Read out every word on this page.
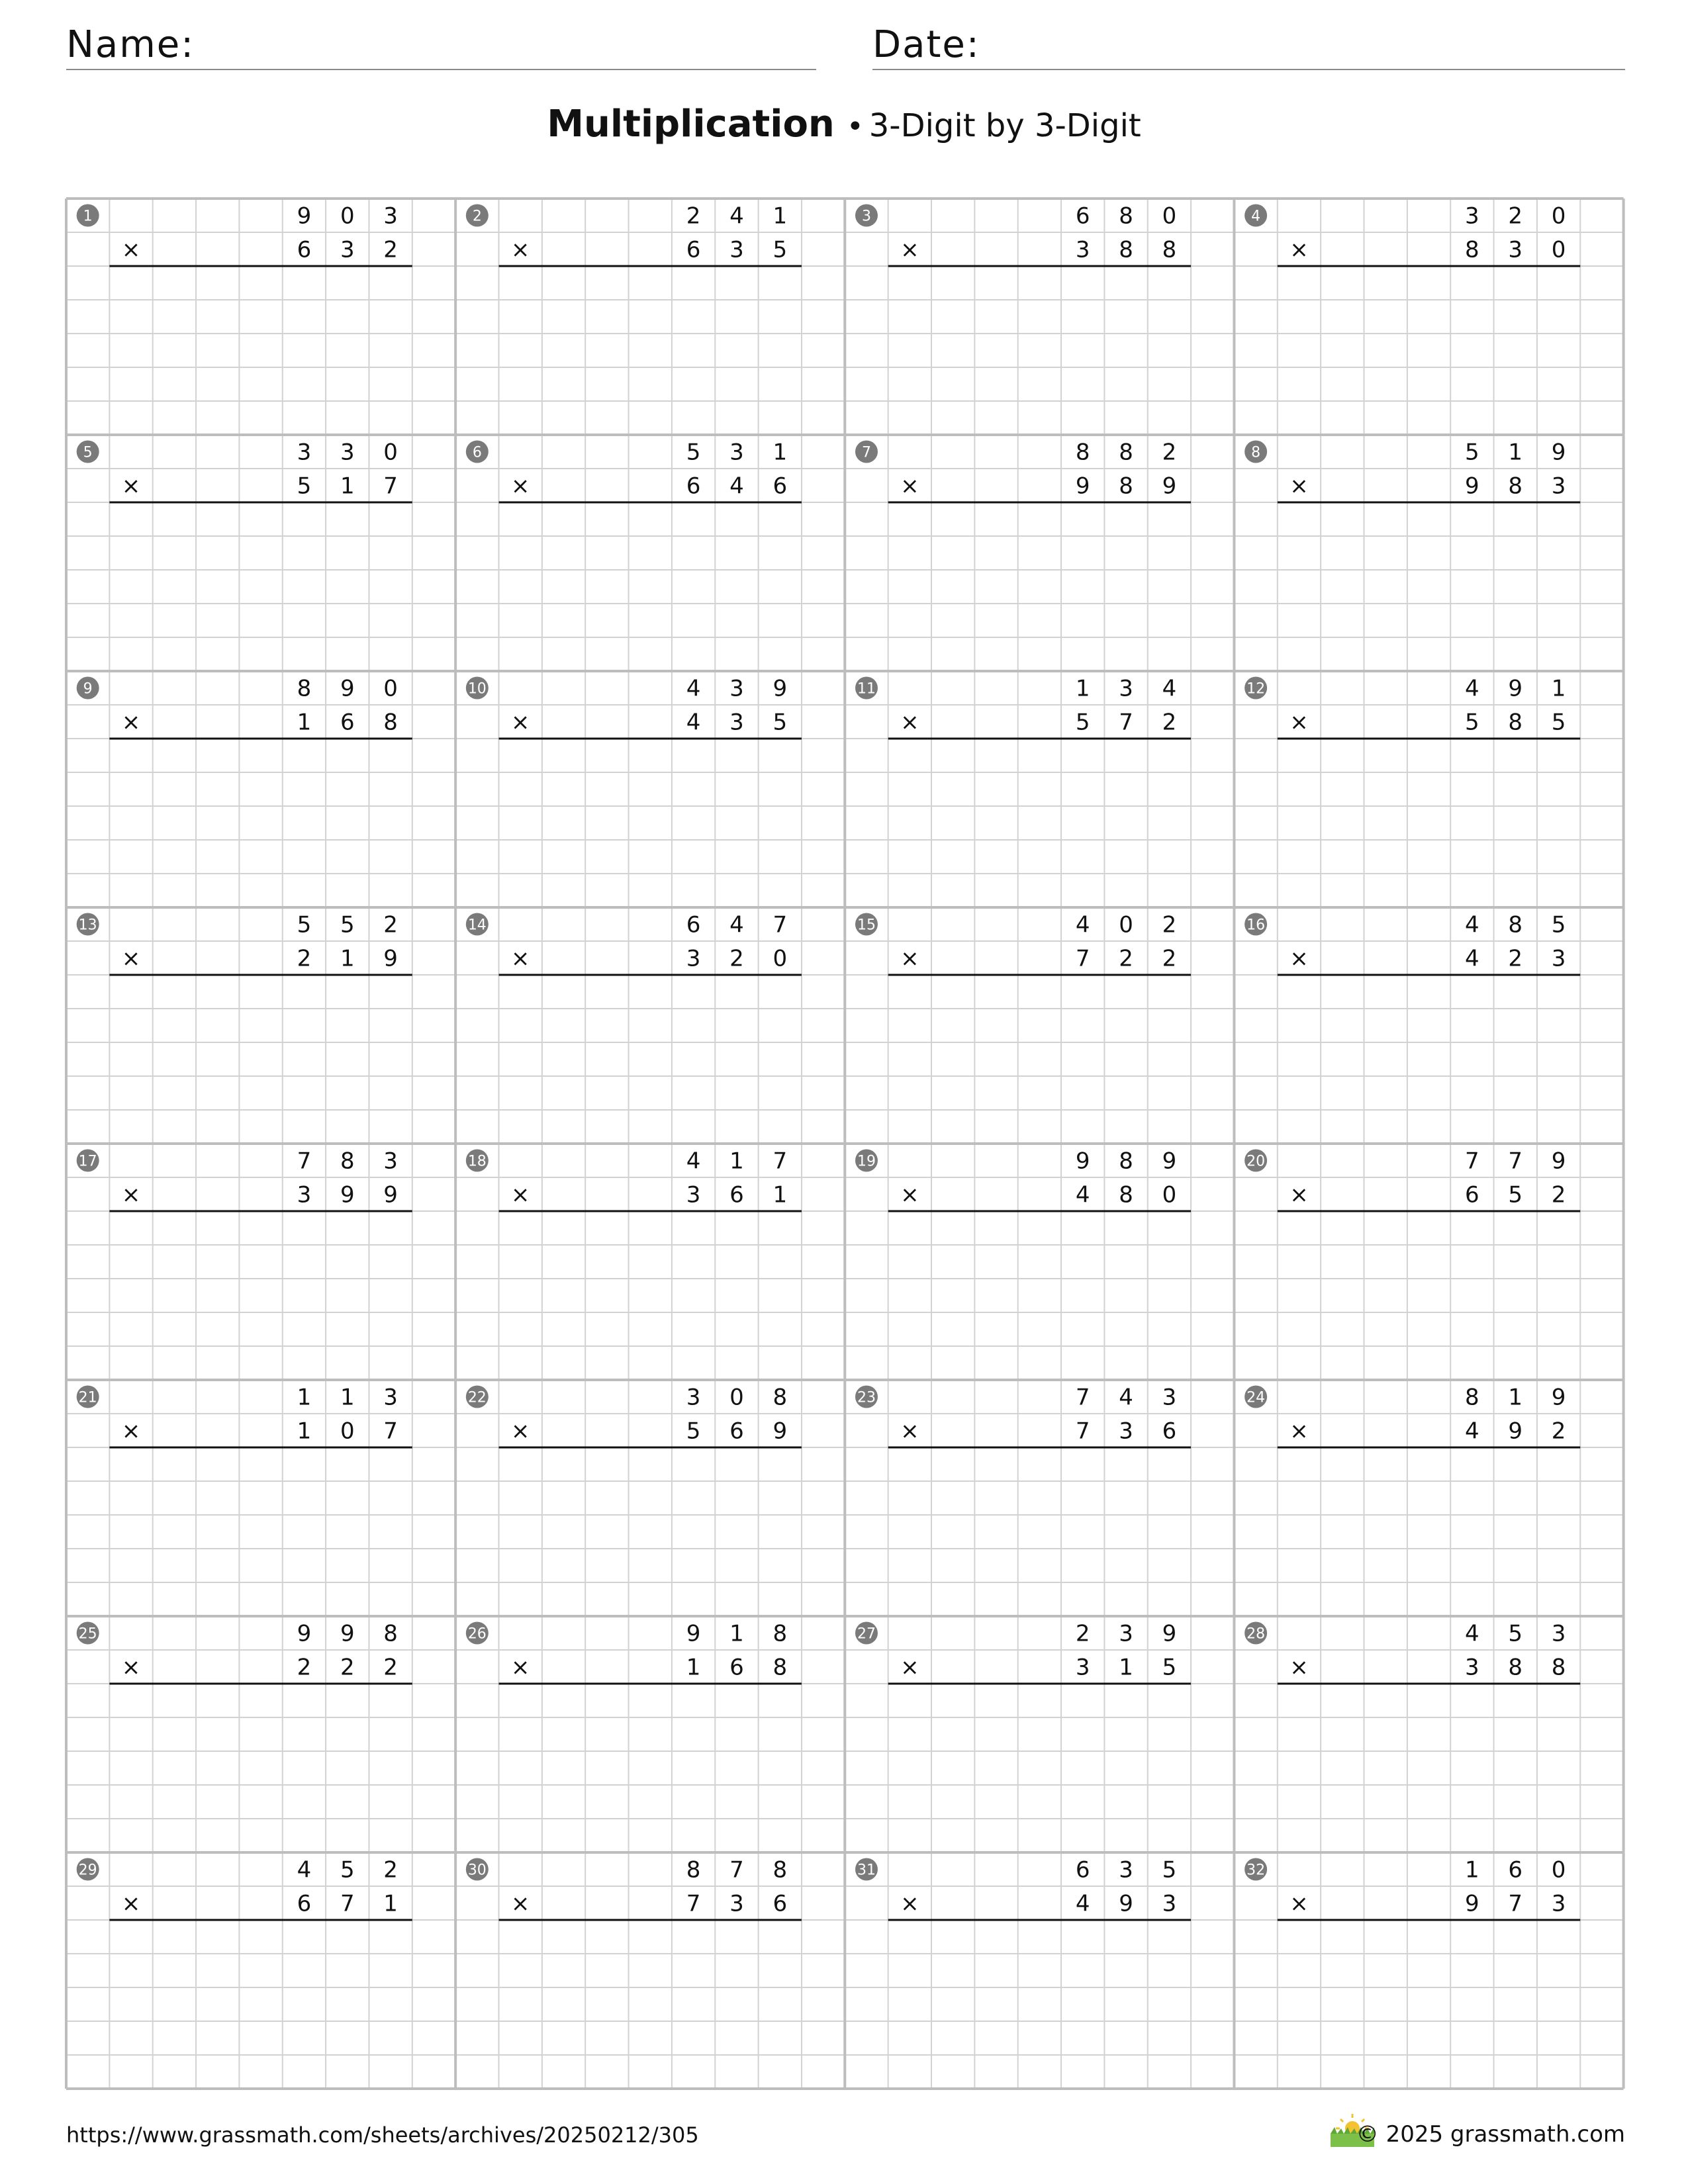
Name:	Date:
Multiplication • 3-Digit by 3-Digit
1	9 0 3
6 3 2
×
2	2 4 1
6 3 5
×
3	6 8 0
3 8 8
×
4	3 2 0
8 3 0
×
5	3 3 0
5 1 7
×
6	5 3 1
6 4 6
×
7	8 8 2
9 8 9
×
8	5 1 9
9 8 3
×
9	8 9 0
1 6 8
×
10	4 3 9
4 3 5
×
11	1 3 4
5 7 2
×
12	4 9 1
5 8 5
×
13	5 5 2
2 1 9
×
14	6 4 7
3 2 0
×
15	4 0 2
7 2 2
×
16	4 8 5
4 2 3
×
17	7 8 3
3 9 9
×
18	4 1 7
3 6 1
×
19	9 8 9
4 8 0
×
20	7 7 9
6 5 2
×
21	1 1 3
1 0 7
×
22	3 0 8
5 6 9
×
23	7 4 3
7 3 6
×
24	8 1 9
4 9 2
×
25	9 9 8
2 2 2
×
26	9 1 8
1 6 8
×
27	2 3 9
3 1 5
×
28	4 5 3
3 8 8
×
29	4 5 2
6 7 1
×
30	8 7 8
7 3 6
×
31	6 3 5
4 9 3
×
32	1 6 0
9 7 3
×
https://www.grassmath.com/sheets/archives/20250212/305	© 2025 grassmath.com
